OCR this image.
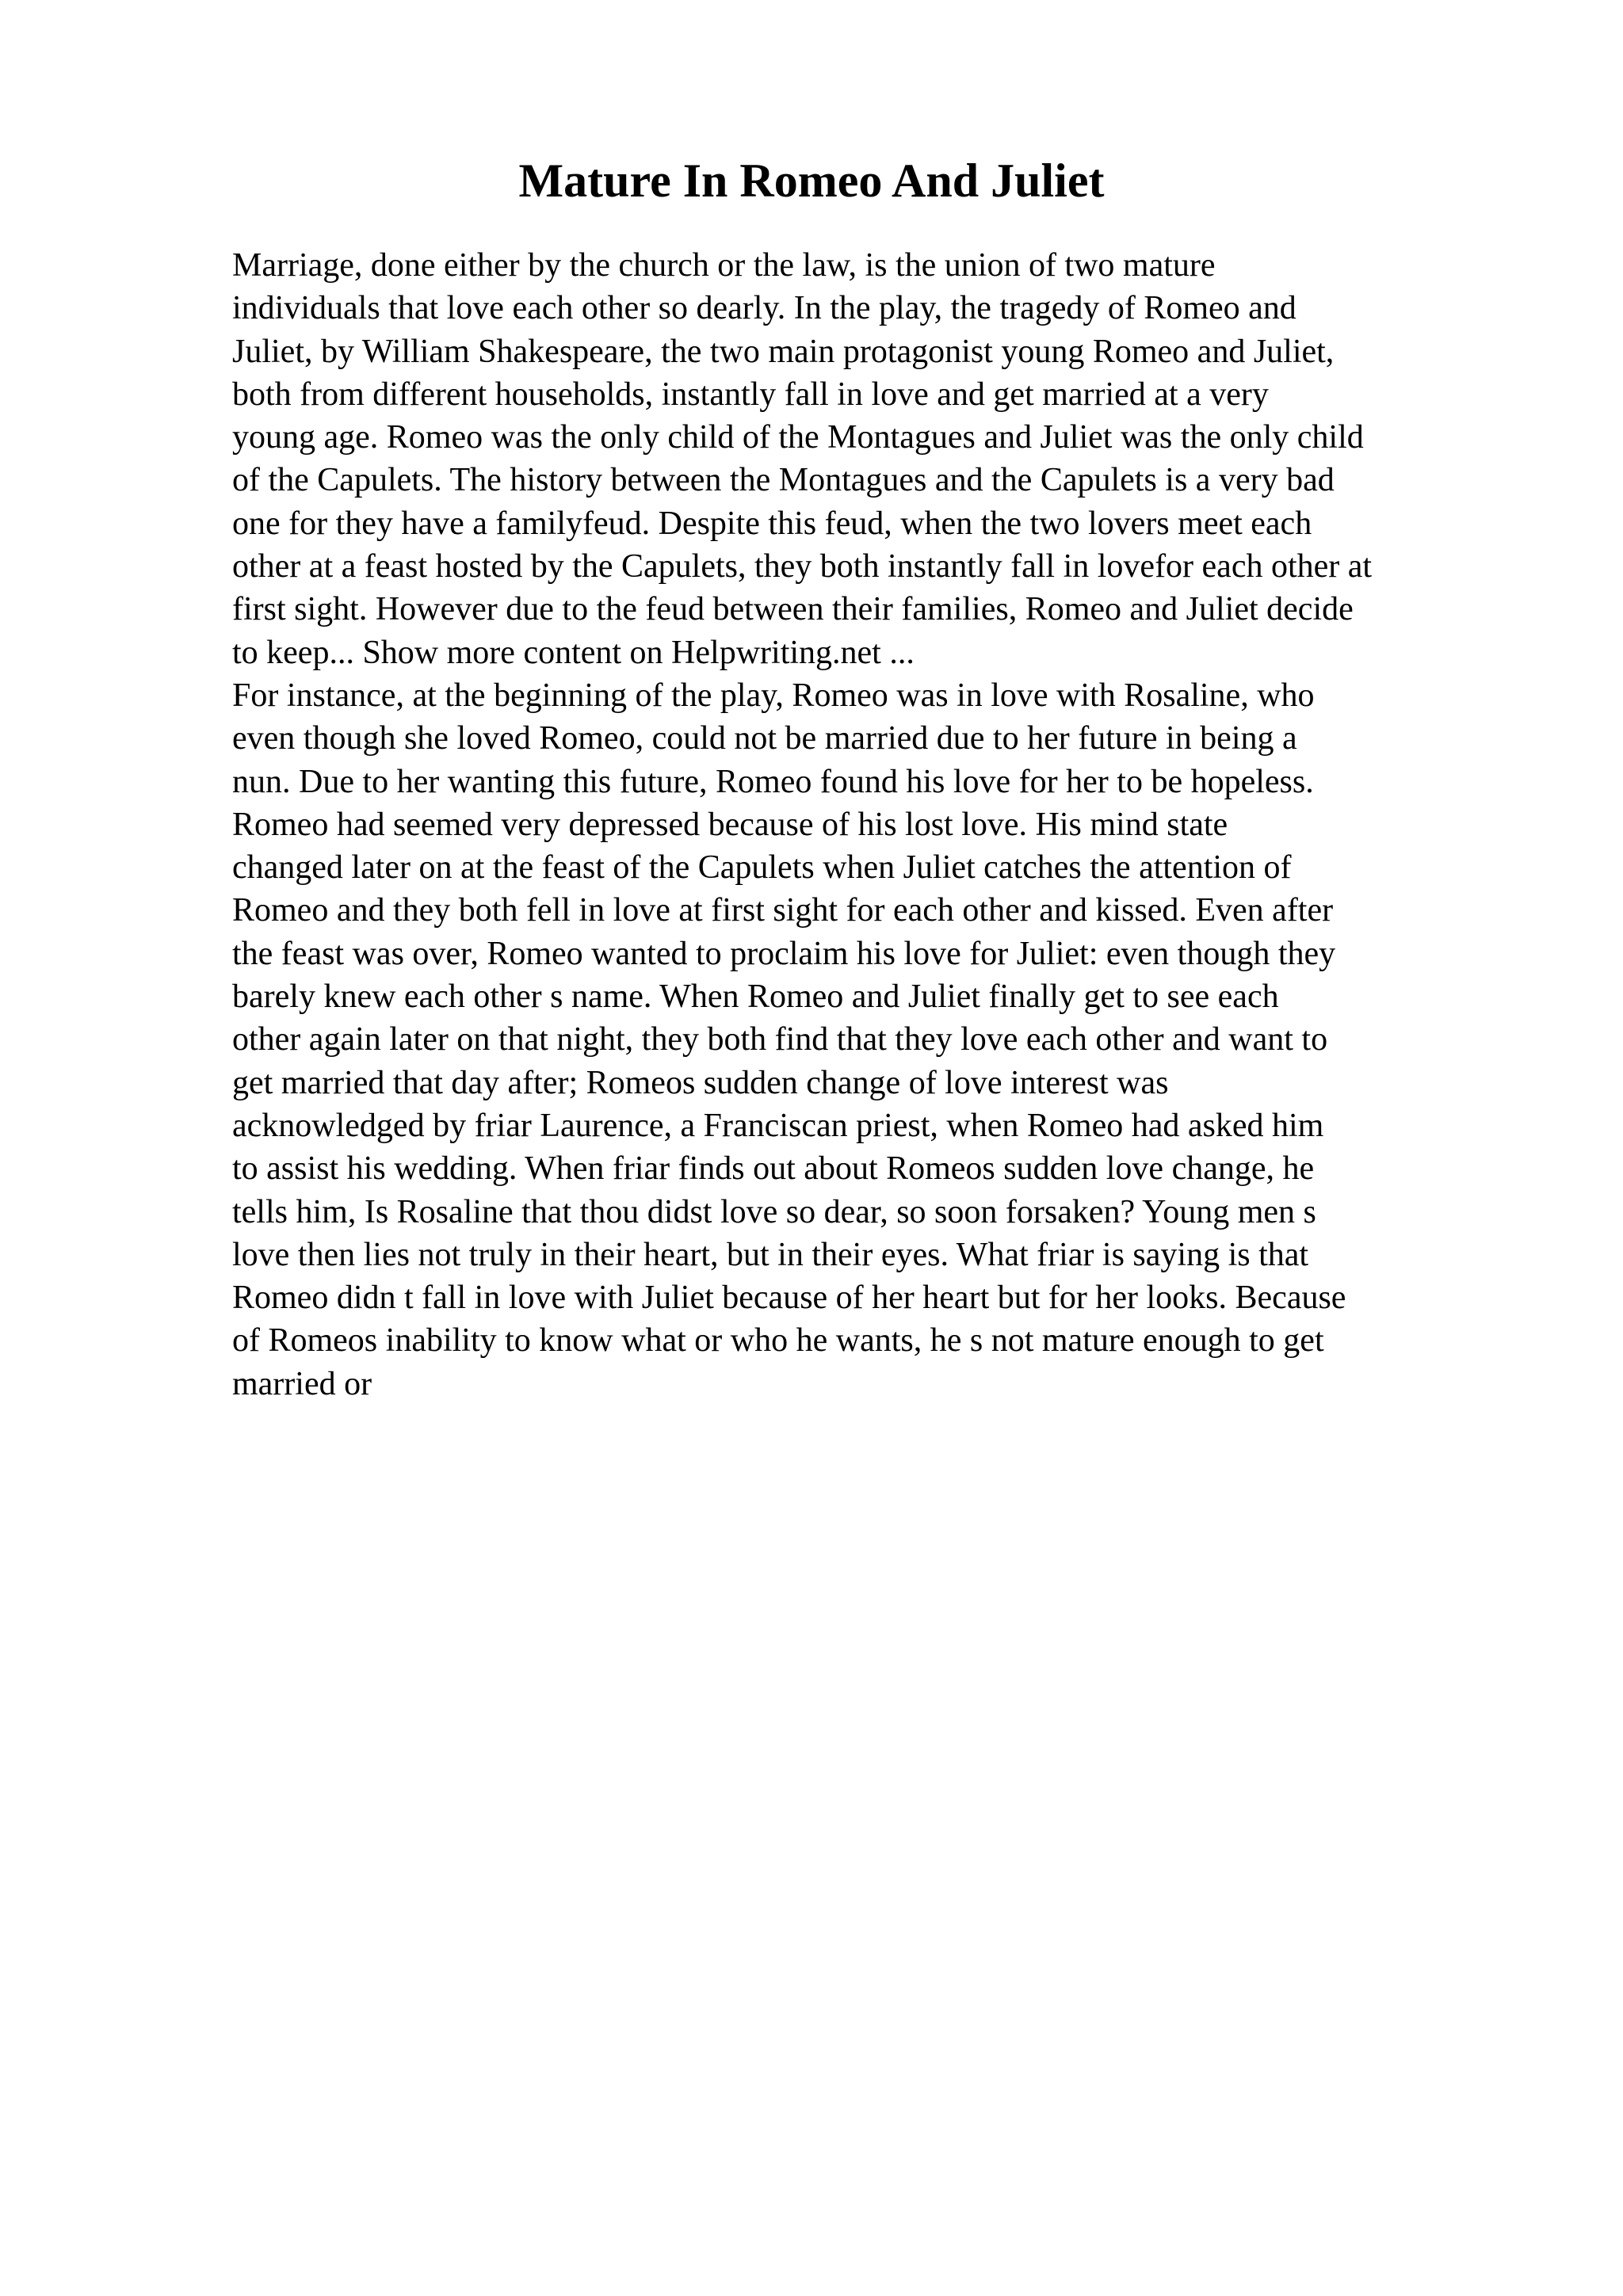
Mature In Romeo And Juliet
Marriage, done either by the church or the law, is the union of two mature
individuals that love each other so dearly. In the play, the tragedy of Romeo and
Juliet, by William Shakespeare, the two main protagonist young Romeo and Juliet,
both from different households, instantly fall in love and get married at a very
young age. Romeo was the only child of the Montagues and Juliet was the only child
of the Capulets. The history between the Montagues and the Capulets is a very bad
one for they have a familyfeud. Despite this feud, when the two lovers meet each
other at a feast hosted by the Capulets, they both instantly fall in lovefor each other at
first sight. However due to the feud between their families, Romeo and Juliet decide
to keep... Show more content on Helpwriting.net ...
For instance, at the beginning of the play, Romeo was in love with Rosaline, who
even though she loved Romeo, could not be married due to her future in being a
nun. Due to her wanting this future, Romeo found his love for her to be hopeless.
Romeo had seemed very depressed because of his lost love. His mind state
changed later on at the feast of the Capulets when Juliet catches the attention of
Romeo and they both fell in love at first sight for each other and kissed. Even after
the feast was over, Romeo wanted to proclaim his love for Juliet: even though they
barely knew each other s name. When Romeo and Juliet finally get to see each
other again later on that night, they both find that they love each other and want to
get married that day after; Romeos sudden change of love interest was
acknowledged by friar Laurence, a Franciscan priest, when Romeo had asked him
to assist his wedding. When friar finds out about Romeos sudden love change, he
tells him, Is Rosaline that thou didst love so dear, so soon forsaken? Young men s
love then lies not truly in their heart, but in their eyes. What friar is saying is that
Romeo didn t fall in love with Juliet because of her heart but for her looks. Because
of Romeos inability to know what or who he wants, he s not mature enough to get
married or
